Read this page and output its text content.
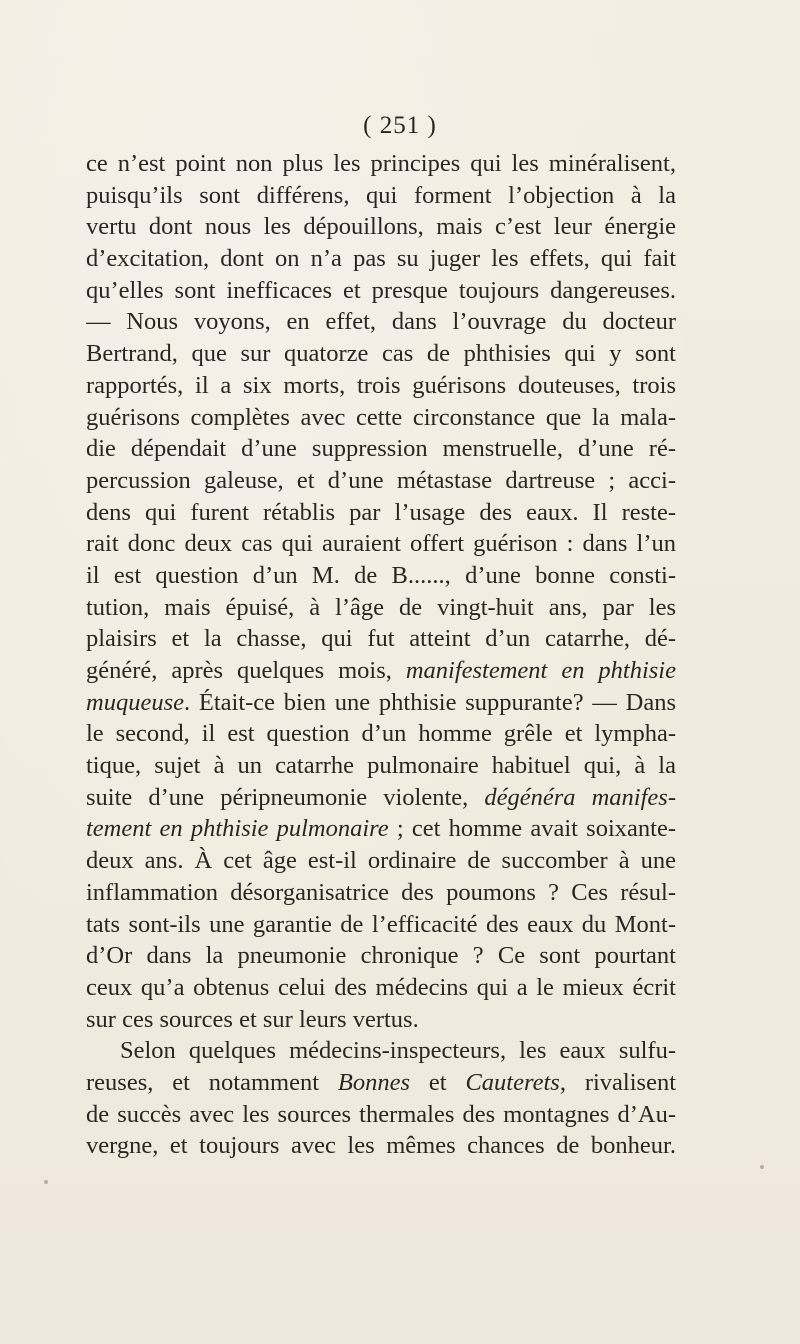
( 251 )
ce n’est point non plus les principes qui les minéralisent,
puisqu’ils sont différens, qui forment l’objection à la
vertu dont nous les dépouillons, mais c’est leur énergie
d’excitation, dont on n’a pas su juger les effets, qui fait
qu’elles sont inefficaces et presque toujours dangereuses.
— Nous voyons, en effet, dans l’ouvrage du docteur
Bertrand, que sur quatorze cas de phthisies qui y sont
rapportés, il a six morts, trois guérisons douteuses, trois
guérisons complètes avec cette circonstance que la mala-
die dépendait d’une suppression menstruelle, d’une ré-
percussion galeuse, et d’une métastase dartreuse ; acci-
dens qui furent rétablis par l’usage des eaux. Il reste-
rait donc deux cas qui auraient offert guérison : dans l’un
il est question d’un M. de B......, d’une bonne consti-
tution, mais épuisé, à l’âge de vingt-huit ans, par les
plaisirs et la chasse, qui fut atteint d’un catarrhe, dé-
généré, après quelques mois, manifestement en phthisie
muqueuse. Était-ce bien une phthisie suppurante? — Dans
le second, il est question d’un homme grêle et lympha-
tique, sujet à un catarrhe pulmonaire habituel qui, à la
suite d’une péripneumonie violente, dégénéra manifes-
tement en phthisie pulmonaire ; cet homme avait soixante-
deux ans. À cet âge est-il ordinaire de succomber à une
inflammation désorganisatrice des poumons ? Ces résul-
tats sont-ils une garantie de l’efficacité des eaux du Mont-
d’Or dans la pneumonie chronique ? Ce sont pourtant
ceux qu’a obtenus celui des médecins qui a le mieux écrit
sur ces sources et sur leurs vertus.
Selon quelques médecins-inspecteurs, les eaux sulfu-
reuses, et notamment Bonnes et Cauterets, rivalisent
de succès avec les sources thermales des montagnes d’Au-
vergne, et toujours avec les mêmes chances de bonheur.
